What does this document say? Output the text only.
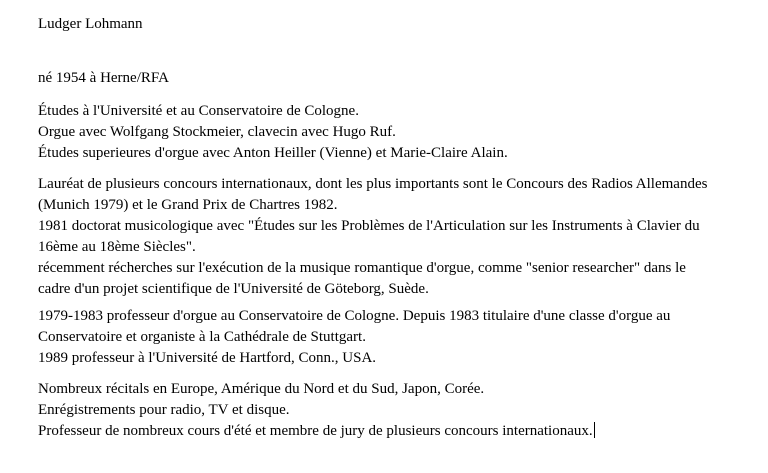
Ludger Lohmann
né 1954 à Herne/RFA
Études à l'Université et au Conservatoire de Cologne.
Orgue avec Wolfgang Stockmeier, clavecin avec Hugo Ruf.
Études superieures d'orgue avec Anton Heiller (Vienne) et Marie-Claire Alain.
Lauréat de plusieurs concours internationaux, dont les plus importants sont le Concours des Radios Allemandes
(Munich 1979) et le Grand Prix de Chartres 1982.
1981 doctorat musicologique avec "Études sur les Problèmes de l'Articulation sur les Instruments à Clavier du
16ème au 18ème Siècles".
récemment récherches sur l'exécution de la musique romantique d'orgue, comme "senior researcher" dans le
cadre d'un projet scientifique de l'Université de Göteborg, Suède.
1979-1983 professeur d'orgue au Conservatoire de Cologne. Depuis 1983 titulaire d'une classe d'orgue au
Conservatoire et organiste à la Cathédrale de Stuttgart.
1989 professeur à l'Université de Hartford, Conn., USA.
Nombreux récitals en Europe, Amérique du Nord et du Sud, Japon, Corée.
Enrégistrements pour radio, TV et disque.
Professeur de nombreux cours d'été et membre de jury de plusieurs concours internationaux.
